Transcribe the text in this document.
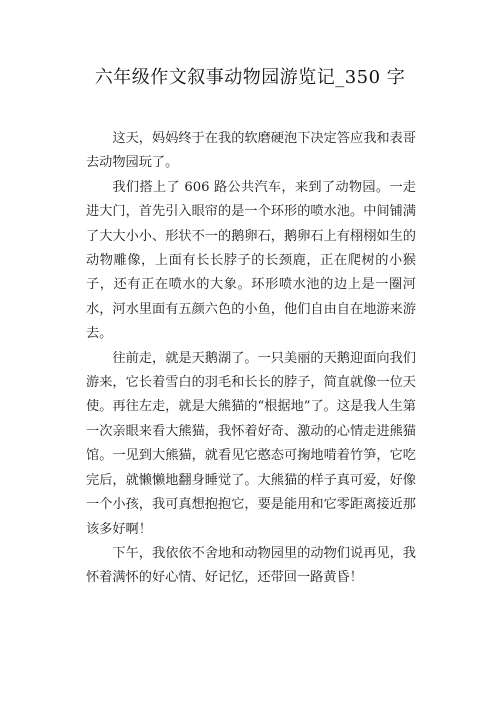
六年级作文叙事动物园游览记_350 字

这天，妈妈终于在我的软磨硬泡下决定答应我和表哥去动物园玩了。

我们搭上了 606 路公共汽车，来到了动物园。一走进大门，首先引入眼帘的是一个环形的喷水池。中间铺满了大大小小、形状不一的鹅卵石，鹅卵石上有栩栩如生的动物雕像，上面有长长脖子的长颈鹿，正在爬树的小猴子，还有正在喷水的大象。环形喷水池的边上是一圈河水，河水里面有五颜六色的小鱼，他们自由自在地游来游去。

往前走，就是天鹅湖了。一只美丽的天鹅迎面向我们游来，它长着雪白的羽毛和长长的脖子，简直就像一位天使。再往左走，就是大熊猫的“根据地”了。这是我人生第一次亲眼来看大熊猫，我怀着好奇、激动的心情走进熊猫馆。一见到大熊猫，就看见它憨态可掬地啃着竹笋，它吃完后，就懒懒地翻身睡觉了。大熊猫的样子真可爱，好像一个小孩，我可真想抱抱它，要是能用和它零距离接近那该多好啊！

下午，我依依不舍地和动物园里的动物们说再见，我怀着满怀的好心情、好记忆，还带回一路黄昏！
